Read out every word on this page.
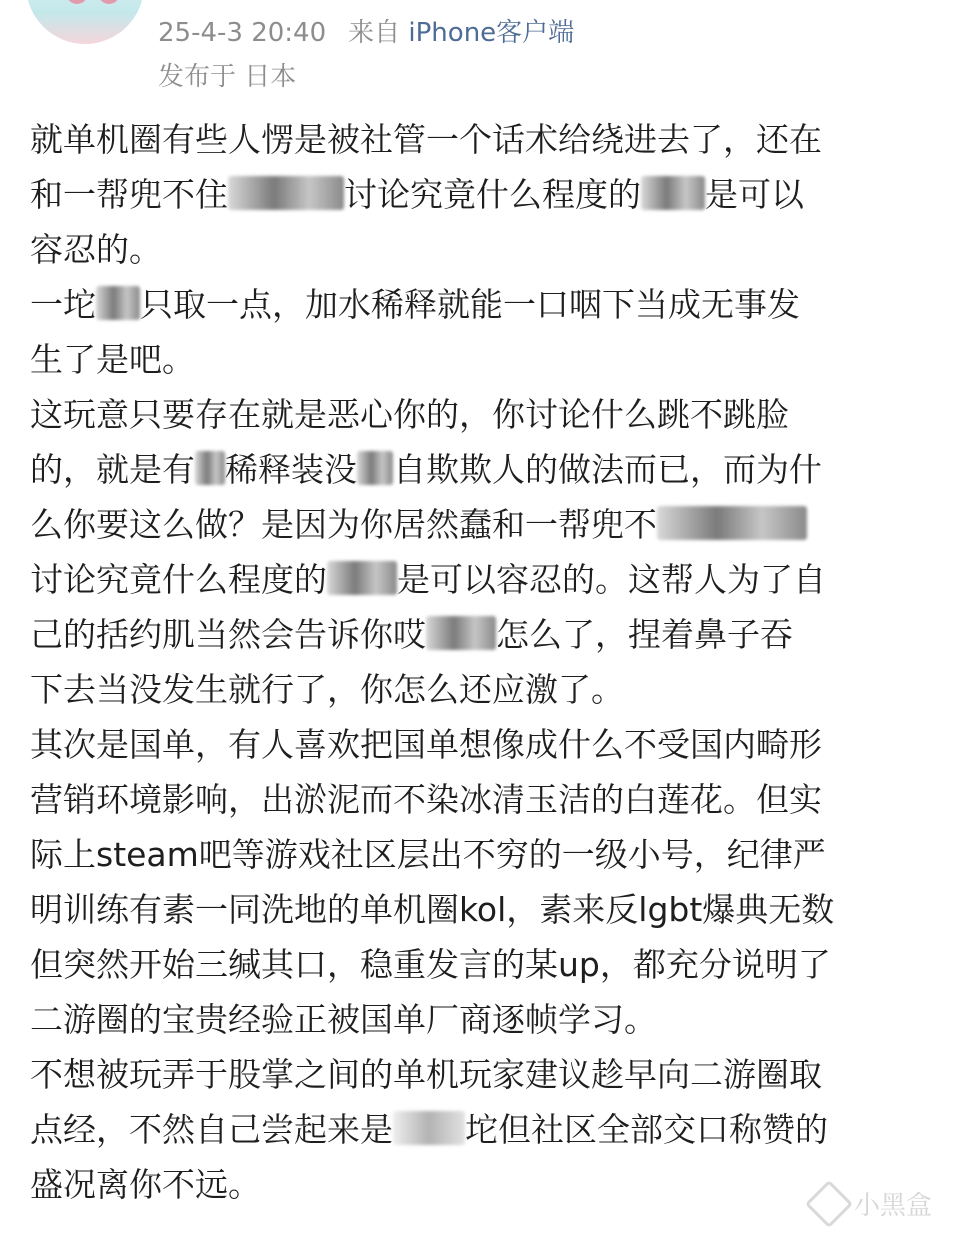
25-4-3 20:40 来自 iPhone客户端
发布于 日本
就单机圈有些人愣是被社管一个话术给绕进去了，还在
和一帮兜不住	讨论究竟什么程度的 是可以
容忍的。
一坨 只取一点，加水稀释就能一口咽下当成无事发
生了是吧。
这玩意只要存在就是恶心你的，你讨论什么跳不跳脸
的，就是有 稀释装没 自欺欺人的做法而已，而为什
么你要这么做？是因为你居然蠢和一帮兜不
讨论究竟什么程度的 是可以容忍的。这帮人为了自
己的括约肌当然会告诉你哎 怎么了，捏着鼻子吞
下去当没发生就行了，你怎么还应激了。
其次是国单，有人喜欢把国单想像成什么不受国内畸形
营销环境影响，出淤泥而不染冰清玉洁的白莲花。但实
际上steam吧等游戏社区层出不穷的一级小号，纪律严
明训练有素一同洗地的单机圈kol，素来反lgbt爆典无数
但突然开始三缄其口，稳重发言的某up，都充分说明了
二游圈的宝贵经验正被国单厂商逐帧学习。
不想被玩弄于股掌之间的单机玩家建议趁早向二游圈取
点经，不然自己尝起来是 坨但社区全部交口称赞的
盛况离你不远。
小黑盒
